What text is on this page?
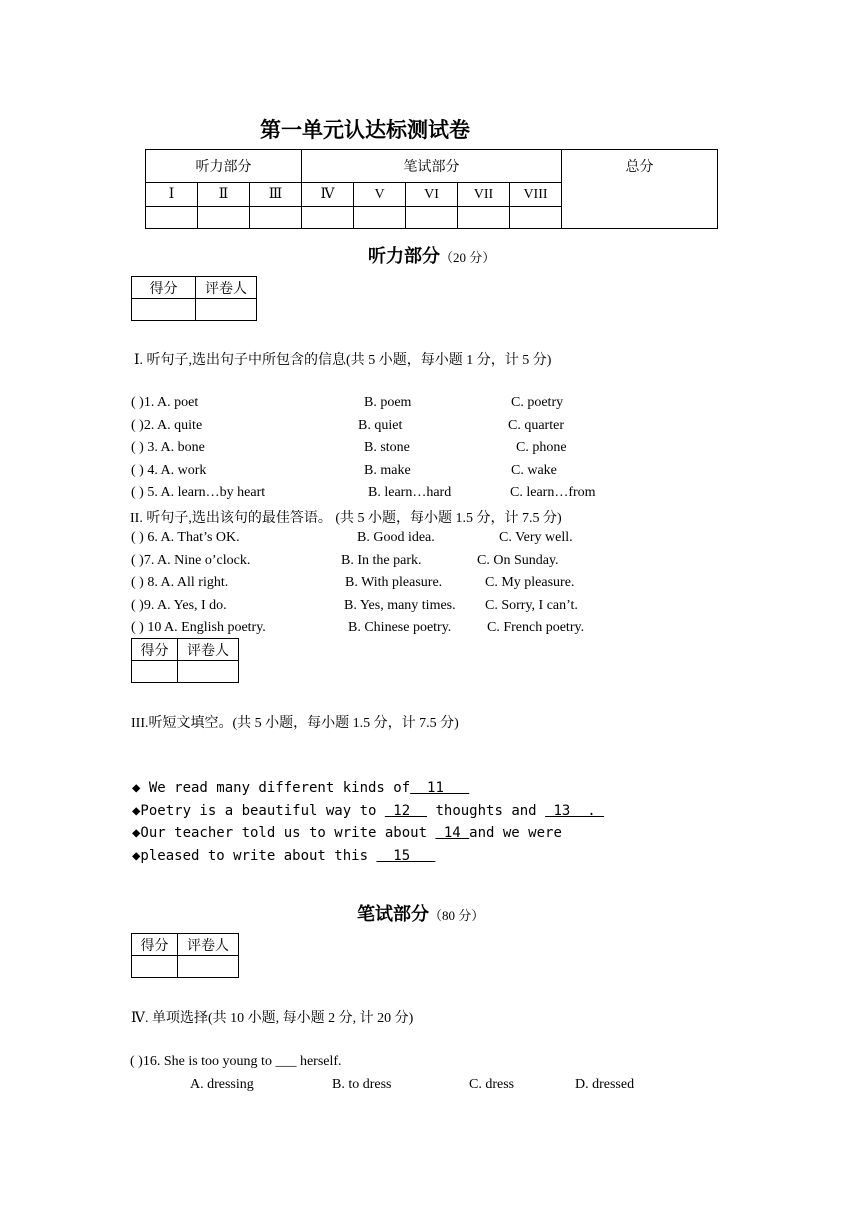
第一单元认达标测试卷
听力部分			笔试部分					总分
Ⅰ	Ⅱ	Ⅲ	Ⅳ	V	VI	VII	VIII	

听力部分（20 分）
得分	评卷人

Ⅰ. 听句子,选出句子中所包含的信息(共 5 小题，每小题 1 分，计 5 分)
( )1. A. poet	B. poem	C. poetry
( )2. A. quite	B. quiet	C. quarter
( ) 3. A. bone	B. stone	C. phone
( ) 4. A. work	B. make	C. wake
( ) 5. A. learn…by heart	B. learn…hard	C. learn…from
II. 听句子,选出该句的最佳答语。 (共 5 小题，每小题 1.5 分，计 7.5 分)
( ) 6. A. That’s OK.	B. Good idea.	C. Very well.
( )7. A. Nine o’clock.	B. In the park.	C. On Sunday.
( ) 8. A. All right.	B. With pleasure.	C. My pleasure.
( )9. A. Yes, I do.	B. Yes, many times. C. Sorry, I can’t.
( ) 10 A. English poetry.	B. Chinese poetry.	C. French poetry.
得分	评卷人

III.听短文填空。(共 5 小题，每小题 1.5 分，计 7.5 分)
◆ We read many different kinds of  11
◆Poetry is a beautiful way to  12   thoughts and  13  .
◆Our teacher told us to write about  14 and we were
◆pleased to write about this   15
笔试部分（80 分）
得分	评卷人

Ⅳ. 单项选择(共 10 小题, 每小题 2 分, 计 20 分)
( )16. She is too young to ___ herself.
A. dressing	B. to dress	C. dress	D. dressed
